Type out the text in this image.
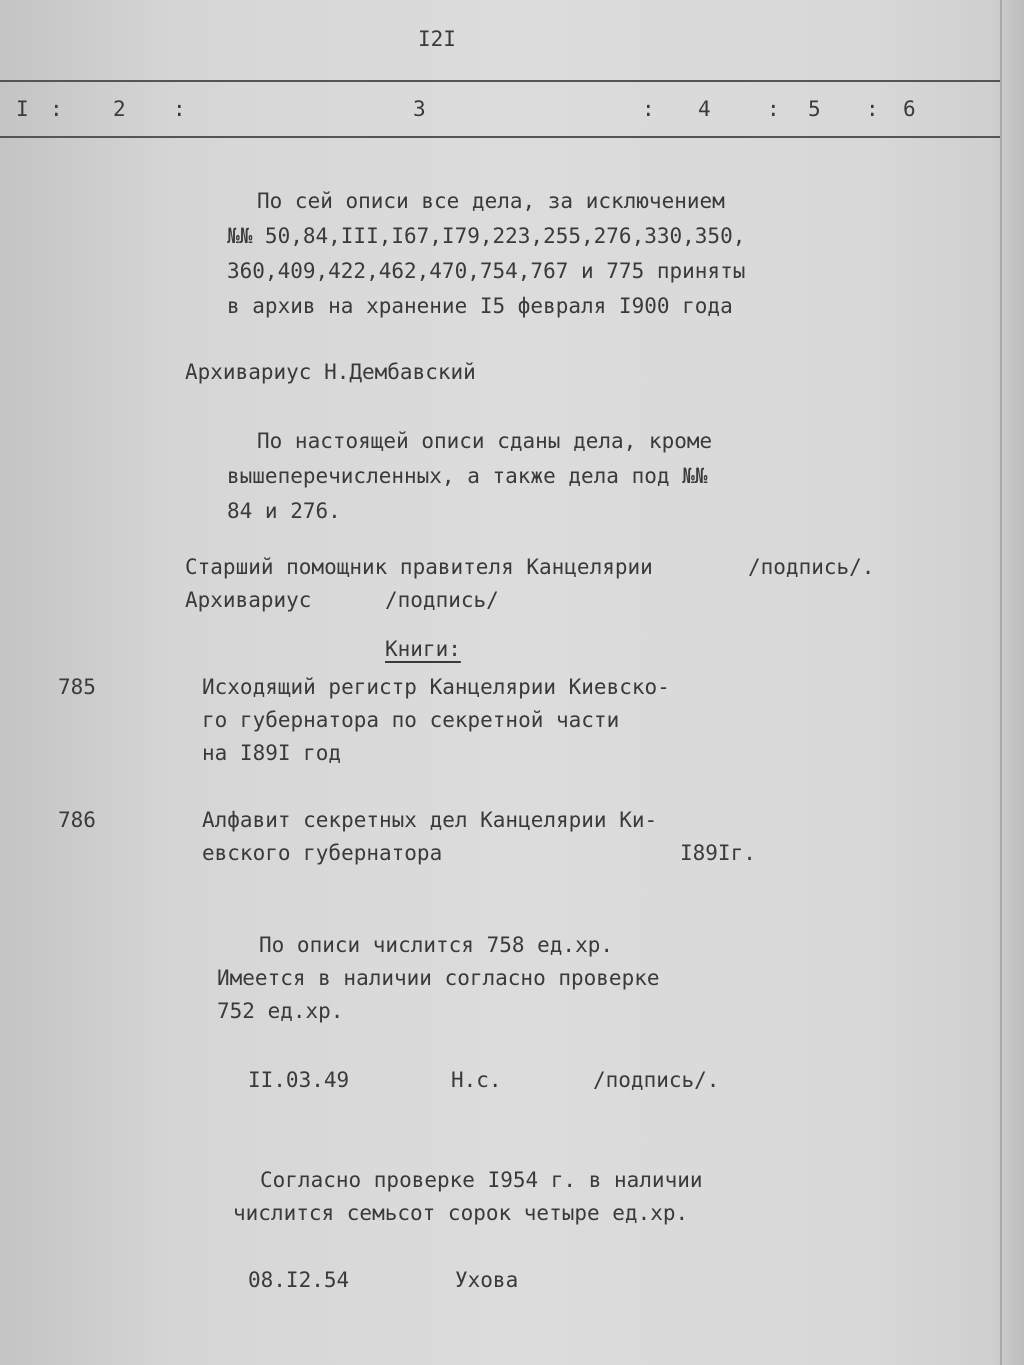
I2I
I : 2 :	3	: 4	: 5 : 6
По сей описи все дела, за исключением
№№ 50,84,III,I67,I79,223,255,276,330,350,
360,409,422,462,470,754,767 и 775 приняты
в архив на хранение I5 февраля I900 года
Архивариус Н.Дембавский
По настоящей описи сданы дела, кроме
вышеперечисленных, а также дела под №№
84 и 276.
Старший помощник правителя Канцелярии	/подпись/.
Архивариус	/подпись/
Книги:
785	Исходящий регистр Канцелярии Киевско-
го губернатора по секретной части
на I89I год
786	Алфавит секретных дел Канцелярии Ки-
евского губернатора	I89Iг.
По описи числится 758 ед.хр.
Имеется в наличии согласно проверке
752 ед.хр.
II.03.49	Н.с.	/подпись/.
Согласно проверке I954 г. в наличии
числится семьсот сорок четыре ед.хр.
08.I2.54	Ухова
